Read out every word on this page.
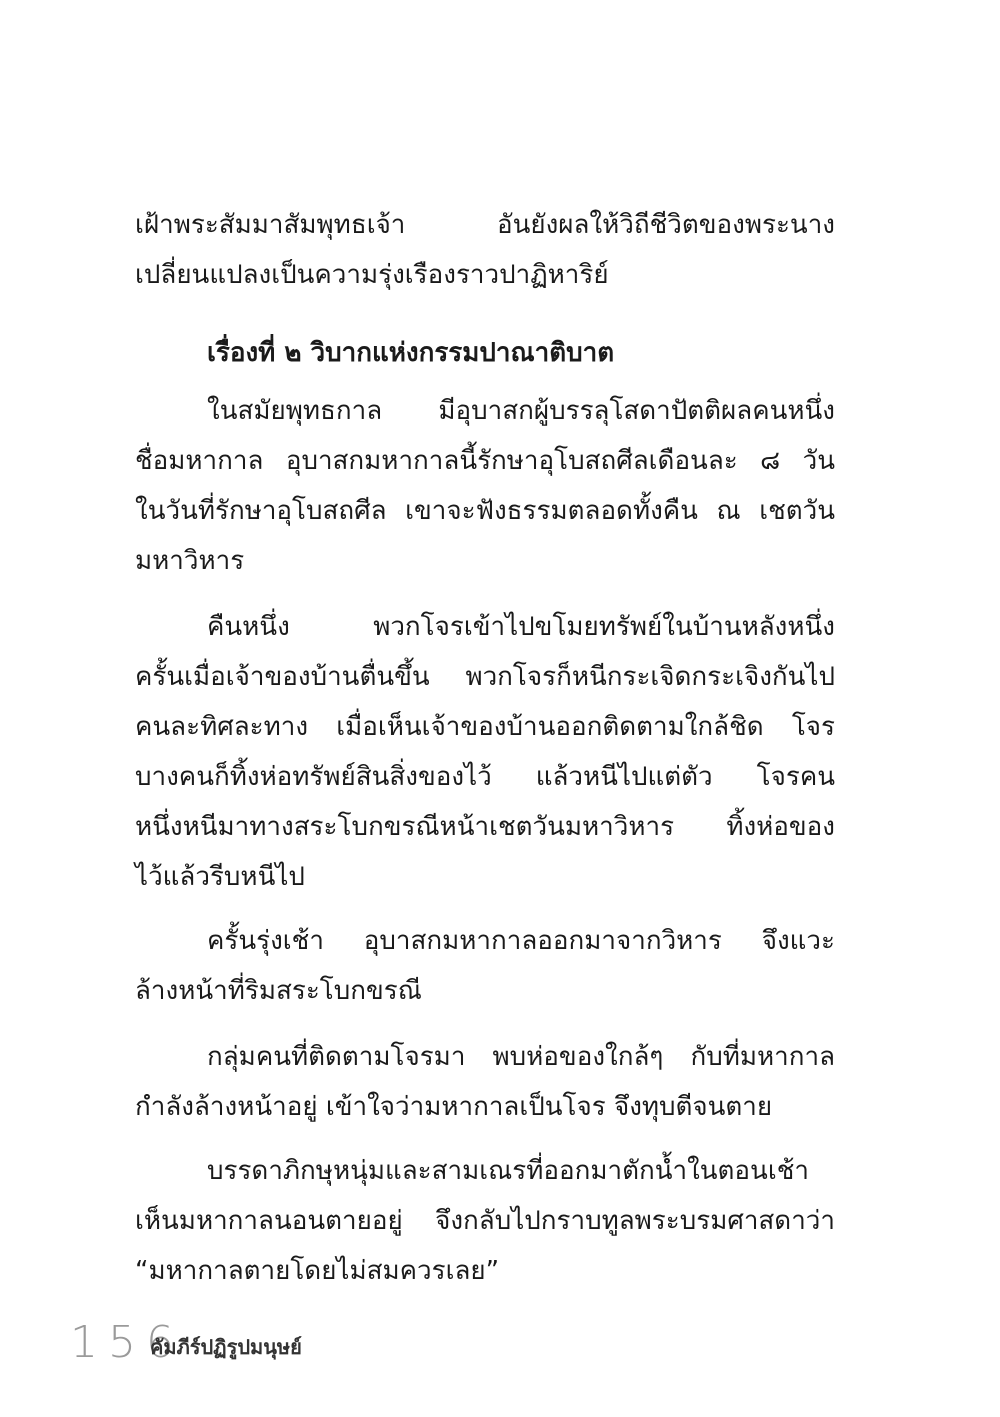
เฝ้าพระสัมมาสัมพุทธเจ้า อันยังผลให้วิถีชีวิตของพระนาง
เปลี่ยนแปลงเป็นความรุ่งเรืองราวปาฏิหาริย์
เรื่องที่ ๒ วิบากแห่งกรรมปาณาติบาต
ในสมัยพุทธกาล มีอุบาสกผู้บรรลุโสดาปัตติผลคนหนึ่ง
ชื่อมหากาล อุบาสกมหากาลนี้รักษาอุโบสถศีลเดือนละ ๘ วัน
ในวันที่รักษาอุโบสถศีล เขาจะฟังธรรมตลอดทั้งคืน ณ เชตวัน
มหาวิหาร
คืนหนึ่ง พวกโจรเข้าไปขโมยทรัพย์ในบ้านหลังหนึ่ง
ครั้นเมื่อเจ้าของบ้านตื่นขึ้น พวกโจรก็หนีกระเจิดกระเจิงกันไป
คนละทิศละทาง เมื่อเห็นเจ้าของบ้านออกติดตามใกล้ชิด โจร
บางคนก็ทิ้งห่อทรัพย์สินสิ่งของไว้ แล้วหนีไปแต่ตัว โจรคน
หนึ่งหนีมาทางสระโบกขรณีหน้าเชตวันมหาวิหาร ทิ้งห่อของ
ไว้แล้วรีบหนีไป
ครั้นรุ่งเช้า อุบาสกมหากาลออกมาจากวิหาร จึงแวะ
ล้างหน้าที่ริมสระโบกขรณี
กลุ่มคนที่ติดตามโจรมา พบห่อของใกล้ๆ กับที่มหากาล
กำลังล้างหน้าอยู่ เข้าใจว่ามหากาลเป็นโจร จึงทุบตีจนตาย
บรรดาภิกษุหนุ่มและสามเณรที่ออกมาตักน้ำในตอนเช้า
เห็นมหากาลนอนตายอยู่ จึงกลับไปกราบทูลพระบรมศาสดาว่า
“มหากาลตายโดยไม่สมควรเลย”
156
คัมภีร์ปฏิรูปมนุษย์
